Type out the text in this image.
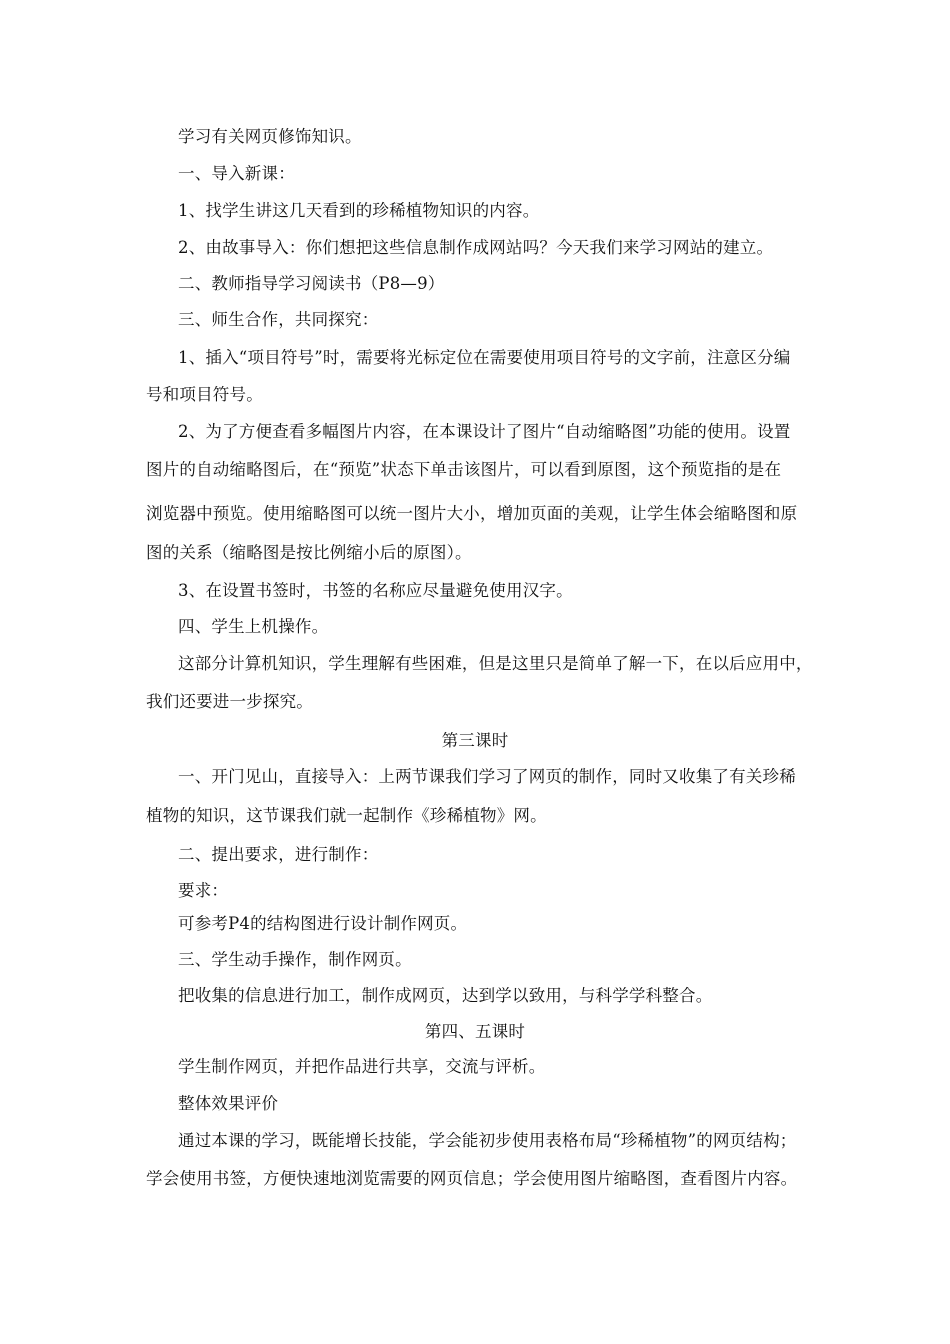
学习有关网页修饰知识。
一、导入新课：
1、找学生讲这几天看到的珍稀植物知识的内容。
2、由故事导入：你们想把这些信息制作成网站吗？今天我们来学习网站的建立。
二、教师指导学习阅读书（P8—9）
三、师生合作，共同探究：
1、插入“项目符号”时，需要将光标定位在需要使用项目符号的文字前，注意区分编
号和项目符号。
2、为了方便查看多幅图片内容，在本课设计了图片“自动缩略图”功能的使用。设置
图片的自动缩略图后，在“预览”状态下单击该图片，可以看到原图，这个预览指的是在
浏览器中预览。使用缩略图可以统一图片大小，增加页面的美观，让学生体会缩略图和原
图的关系（缩略图是按比例缩小后的原图）。
3、在设置书签时，书签的名称应尽量避免使用汉字。
四、学生上机操作。
这部分计算机知识，学生理解有些困难，但是这里只是简单了解一下，在以后应用中，
我们还要进一步探究。
第三课时
一、开门见山，直接导入：上两节课我们学习了网页的制作，同时又收集了有关珍稀
植物的知识，这节课我们就一起制作《珍稀植物》网。
二、提出要求，进行制作：
要求：
可参考P4的结构图进行设计制作网页。
三、学生动手操作，制作网页。
把收集的信息进行加工，制作成网页，达到学以致用，与科学学科整合。
第四、五课时
学生制作网页，并把作品进行共享，交流与评析。
整体效果评价
通过本课的学习，既能增长技能，学会能初步使用表格布局“珍稀植物”的网页结构；
学会使用书签，方便快速地浏览需要的网页信息；学会使用图片缩略图，查看图片内容。
